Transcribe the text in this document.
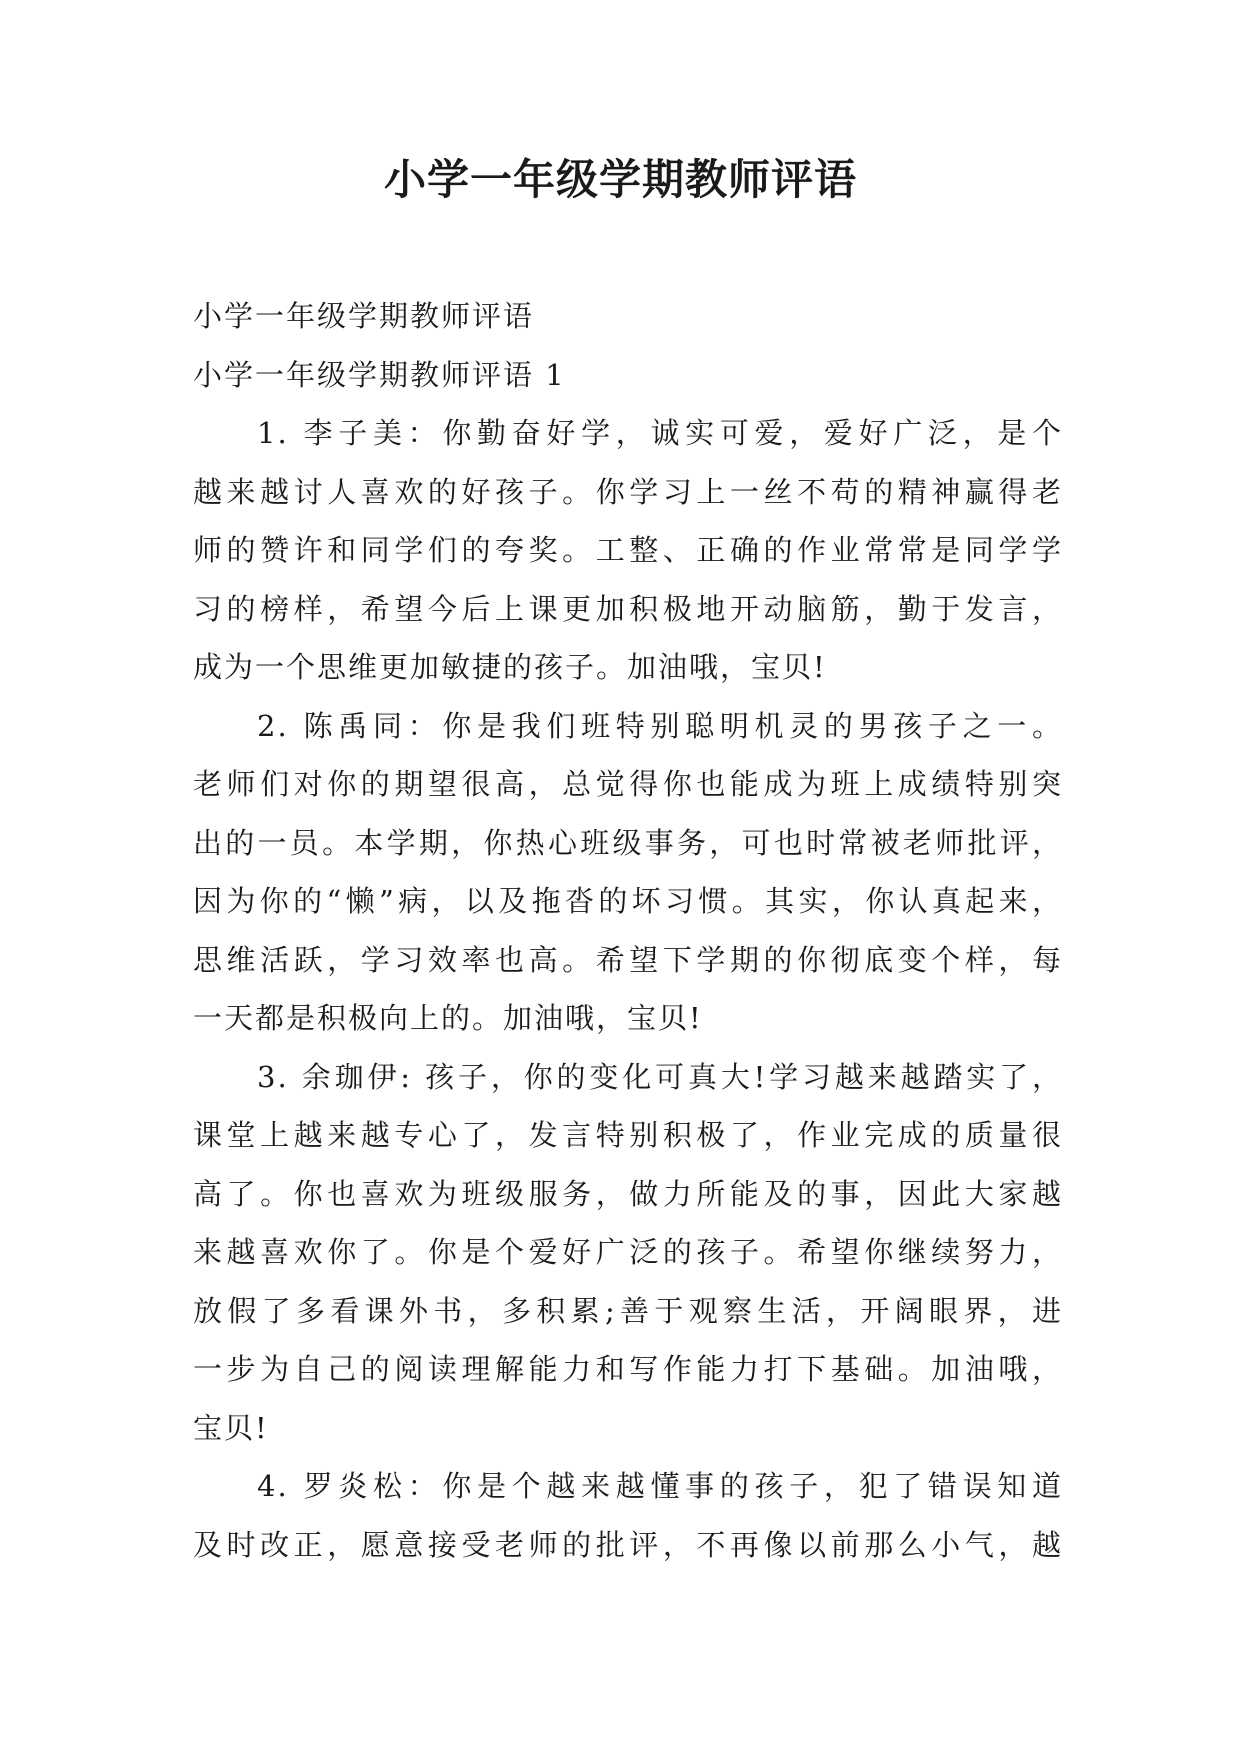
小学一年级学期教师评语

小学一年级学期教师评语

小学一年级学期教师评语 1

1. 李子美：你勤奋好学，诚实可爱，爱好广泛，是个
越来越讨人喜欢的好孩子。你学习上一丝不苟的精神赢得老
师的赞许和同学们的夸奖。工整、正确的作业常常是同学学
习的榜样，希望今后上课更加积极地开动脑筋，勤于发言，
成为一个思维更加敏捷的孩子。加油哦，宝贝!
2. 陈禹同：你是我们班特别聪明机灵的男孩子之一。
老师们对你的期望很高，总觉得你也能成为班上成绩特别突
出的一员。本学期，你热心班级事务，可也时常被老师批评，
因为你的“懒”病，以及拖沓的坏习惯。其实，你认真起来，
思维活跃，学习效率也高。希望下学期的你彻底变个样，每
一天都是积极向上的。加油哦，宝贝!
3. 余珈伊: 孩子，你的变化可真大!学习越来越踏实了，
课堂上越来越专心了，发言特别积极了，作业完成的质量很
高了。你也喜欢为班级服务，做力所能及的事，因此大家越
来越喜欢你了。你是个爱好广泛的孩子。希望你继续努力，
放假了多看课外书，多积累;善于观察生活，开阔眼界，进
一步为自己的阅读理解能力和写作能力打下基础。加油哦，
宝贝!
4. 罗炎松：你是个越来越懂事的孩子，犯了错误知道
及时改正，愿意接受老师的批评，不再像以前那么小气，越
